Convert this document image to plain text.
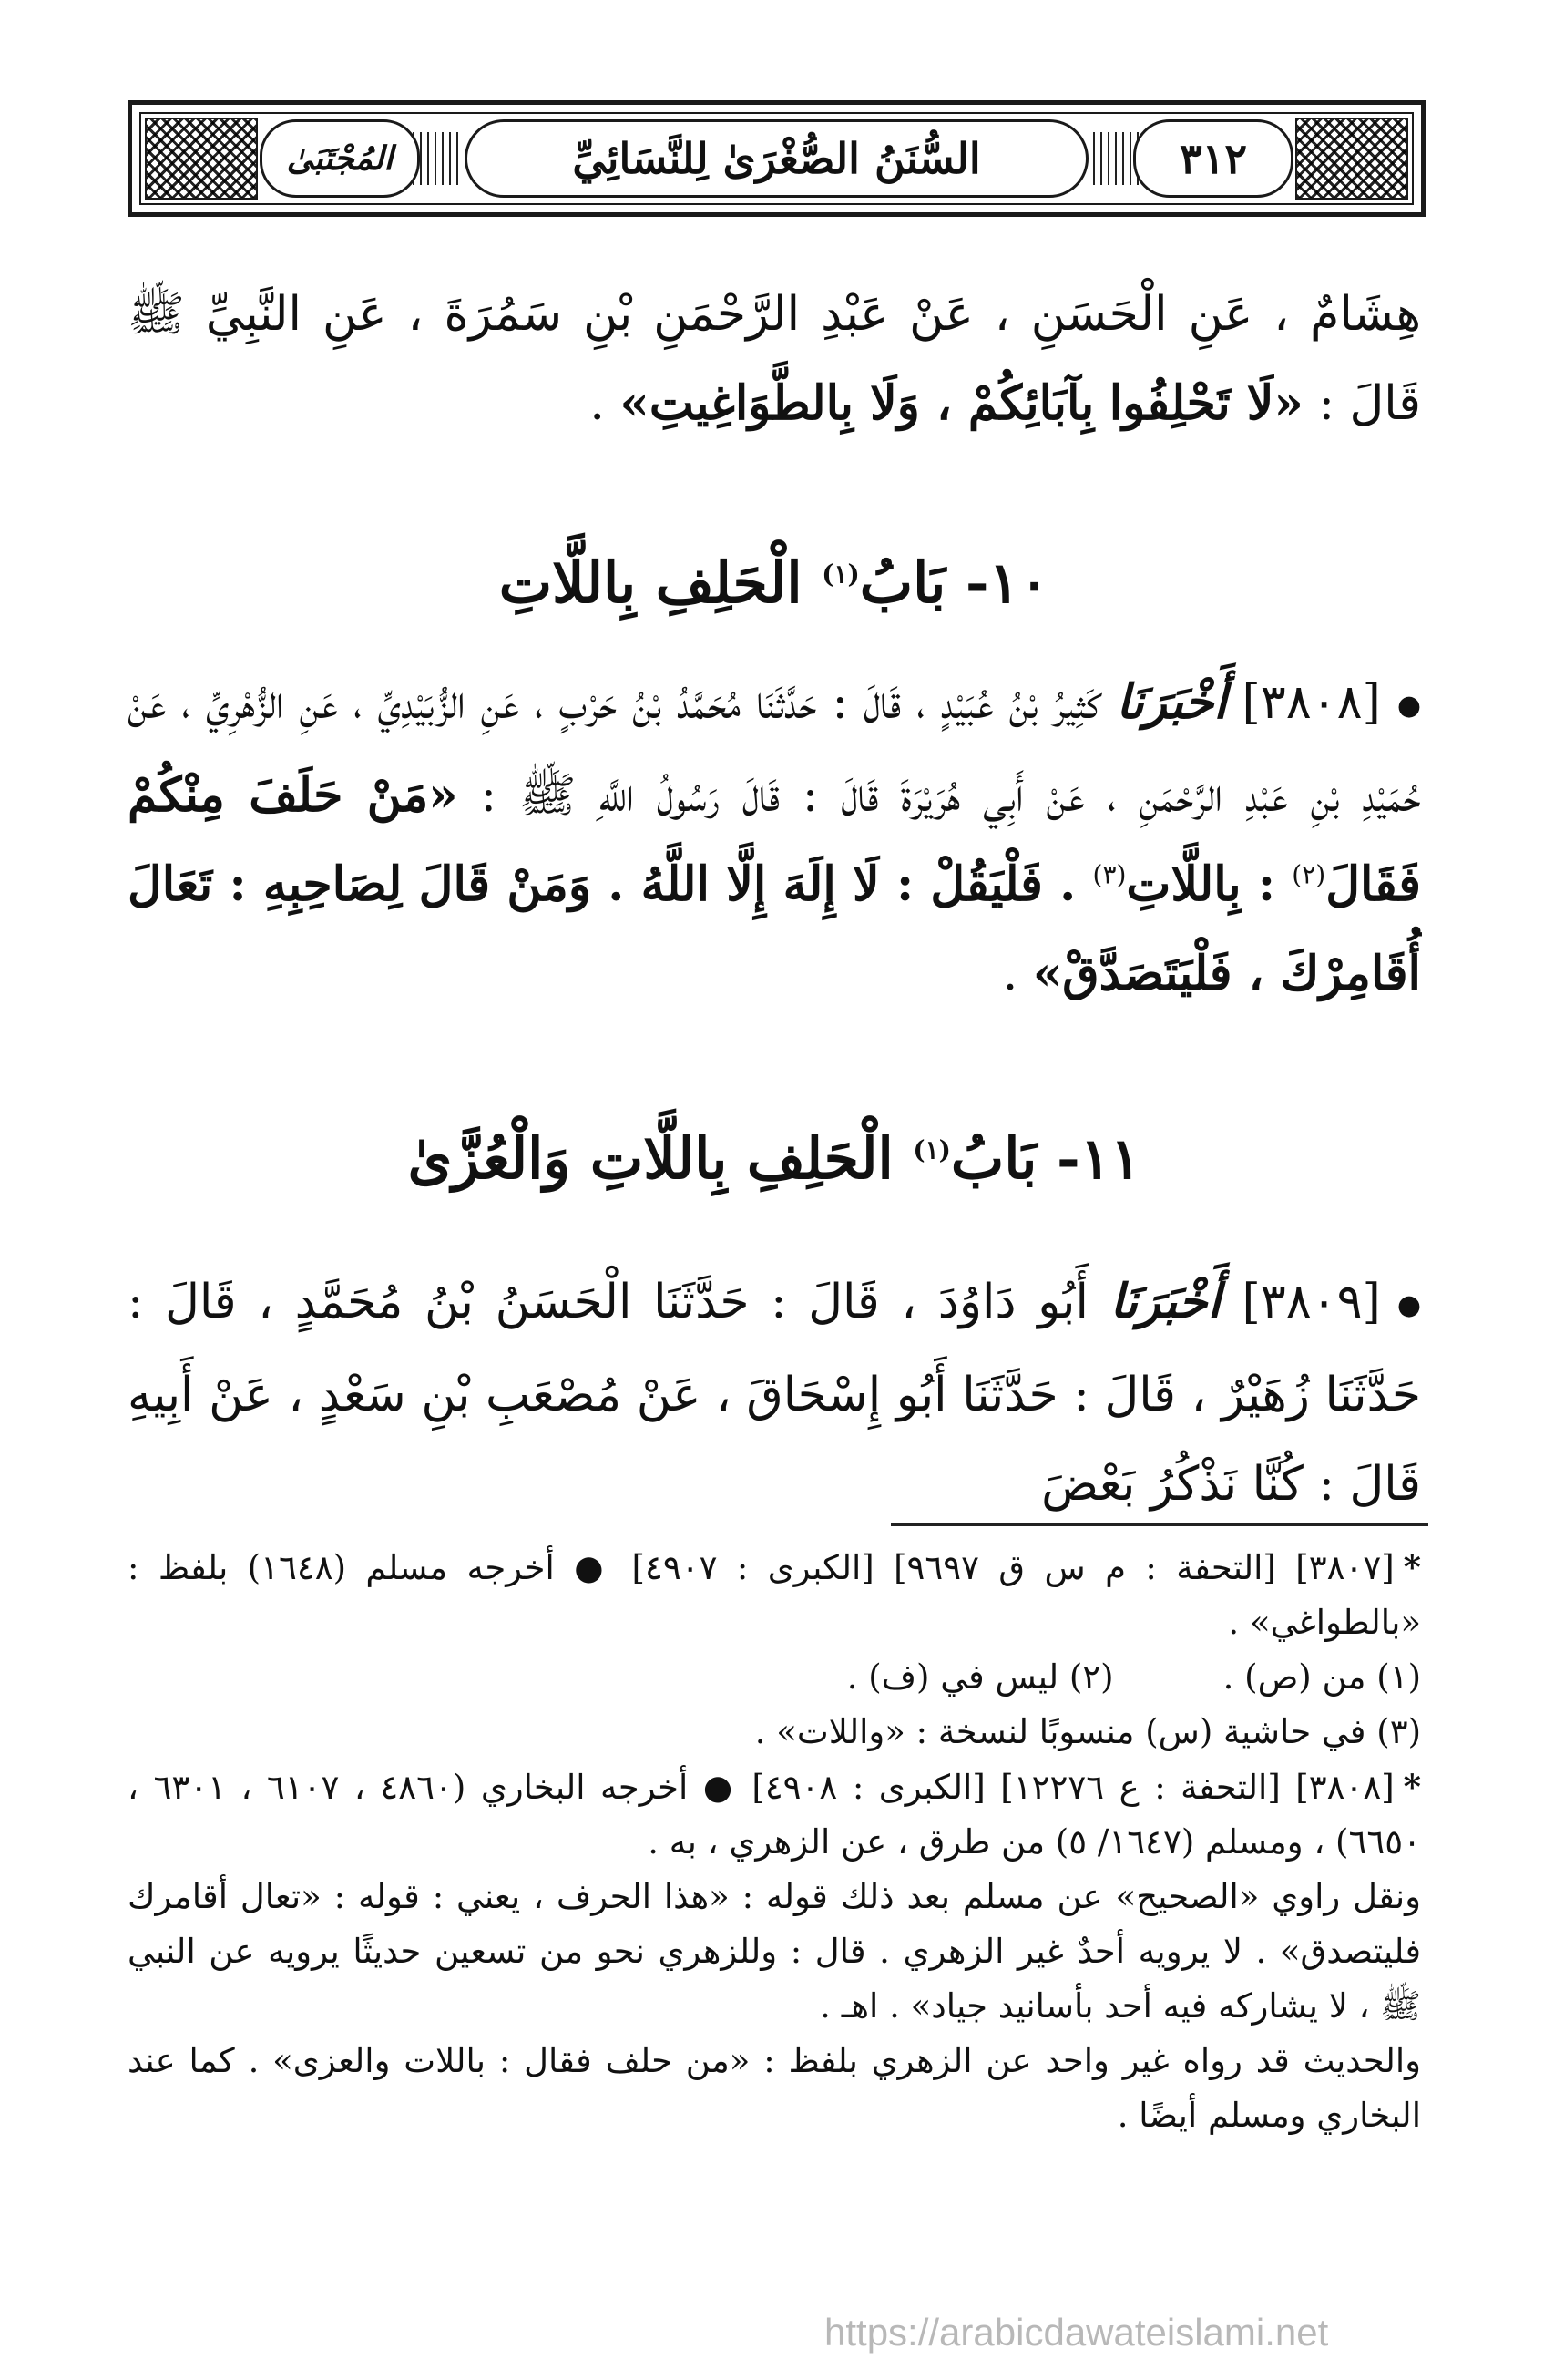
المُجْتَبَىٰ	السُّنَنُ الصُّغْرَىٰ لِلنَّسَائِيِّ	٣١٢

هِشَامٌ ، عَنِ الْحَسَنِ ، عَنْ عَبْدِ الرَّحْمَنِ بْنِ سَمُرَةَ ، عَنِ النَّبِيِّ ﷺ قَالَ : «لَا تَحْلِفُوا بِآبَائِكُمْ ، وَلَا بِالطَّوَاغِيتِ» .

١٠- بَابُ$^{(١)}$ الْحَلِفِ بِاللَّاتِ

●[٣٨٠٨] أَخْبَرَنَا كَثِيرُ بْنُ عُبَيْدٍ ، قَالَ : حَدَّثَنَا مُحَمَّدُ بْنُ حَرْبٍ ، عَنِ الزُّبَيْدِيِّ ، عَنِ الزُّهْرِيِّ ، عَنْ حُمَيْدِ بْنِ عَبْدِ الرَّحْمَنِ ، عَنْ أَبِي هُرَيْرَةَ قَالَ : قَالَ رَسُولُ اللَّهِ ﷺ : «مَنْ حَلَفَ مِنْكُمْ فَقَالَ$^{(٢)}$ : بِاللَّاتِ$^{(٣)}$ . فَلْيَقُلْ : لَا إِلَهَ إِلَّا اللَّهُ . وَمَنْ قَالَ لِصَاحِبِهِ : تَعَالَ أُقَامِرْكَ ، فَلْيَتَصَدَّقْ» .

١١- بَابُ$^{(١)}$ الْحَلِفِ بِاللَّاتِ وَالْعُزَّىٰ

●[٣٨٠٩] أَخْبَرَنَا أَبُو دَاوُدَ ، قَالَ : حَدَّثَنَا الْحَسَنُ بْنُ مُحَمَّدٍ ، قَالَ : حَدَّثَنَا زُهَيْرٌ ، قَالَ : حَدَّثَنَا أَبُو إِسْحَاقَ ، عَنْ مُصْعَبِ بْنِ سَعْدٍ ، عَنْ أَبِيهِ قَالَ : كُنَّا نَذْكُرُ بَعْضَ

*[٣٨٠٧] [التحفة : م س ق ٩٦٩٧] [الكبرى : ٤٩٠٧] ● أخرجه مسلم (١٦٤٨) بلفظ : «بالطواغي» .

(١) من (ص) .
(٢) ليس في (ف) .

(٣) في حاشية (س) منسوبًا لنسخة : «واللات» .

*[٣٨٠٨] [التحفة : ع ١٢٢٧٦] [الكبرى : ٤٩٠٨] ● أخرجه البخاري (٤٨٦٠ ، ٦١٠٧ ، ٦٣٠١ ، ٦٦٥٠) ، ومسلم (١٦٤٧/ ٥) من طرق ، عن الزهري ، به .

ونقل راوي «الصحيح» عن مسلم بعد ذلك قوله : «هذا الحرف ، يعني : قوله : «تعال أقامرك فليتصدق» . لا يرويه أحدٌ غير الزهري . قال : وللزهري نحو من تسعين حديثًا يرويه عن النبي ﷺ ، لا يشاركه فيه أحد بأسانيد جياد» . اهـ .

والحديث قد رواه غير واحد عن الزهري بلفظ : «من حلف فقال : باللات والعزى» . كما عند البخاري ومسلم أيضًا .

https://arabicdawateislami.net
